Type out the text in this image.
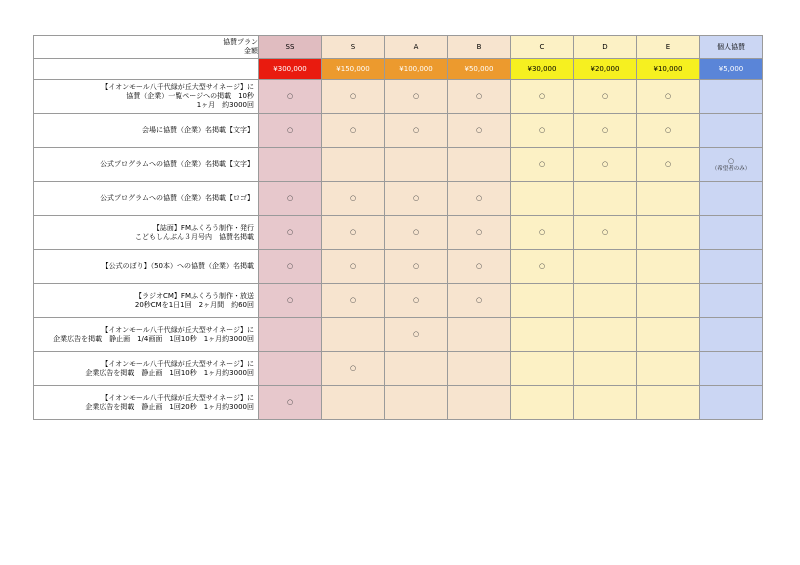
協賛プラン
金額	SS	S	A	B	C	D	E	個人協賛
	¥300,000	¥150,000	¥100,000	¥50,000	¥30,000	¥20,000	¥10,000	¥5,000

【イオンモール八千代緑が丘大型サイネージ】に
協賛（企業）一覧ページへの掲載　10秒
1ヶ月　約3000回	○	○	○	○	○	○	○	

会場に協賛（企業）名掲載【文字】	○	○	○	○	○	○	○	

公式プログラムへの協賛（企業）名掲載【文字】					○	○	○	○
（希望者のみ）

公式プログラムへの協賛（企業）名掲載【ロゴ】	○	○	○	○				

【誌面】FMふくろう制作・発行
こどもしんぶん３月号内　協賛名掲載	○	○	○	○	○	○		

【公式のぼり】（50本）への協賛（企業）名掲載	○	○	○	○	○			

【ラジオCM】FMふくろう制作・放送
20秒CMを1日1回　2ヶ月間　約60回	○	○	○	○				

【イオンモール八千代緑が丘大型サイネージ】に
企業広告を掲載　静止画　1/4画面　1回10秒　1ヶ月約3000回			○					

【イオンモール八千代緑が丘大型サイネージ】に
企業広告を掲載　静止画　1回10秒　1ヶ月約3000回		○						

【イオンモール八千代緑が丘大型サイネージ】に
企業広告を掲載　静止画　1回20秒　1ヶ月約3000回	○							
